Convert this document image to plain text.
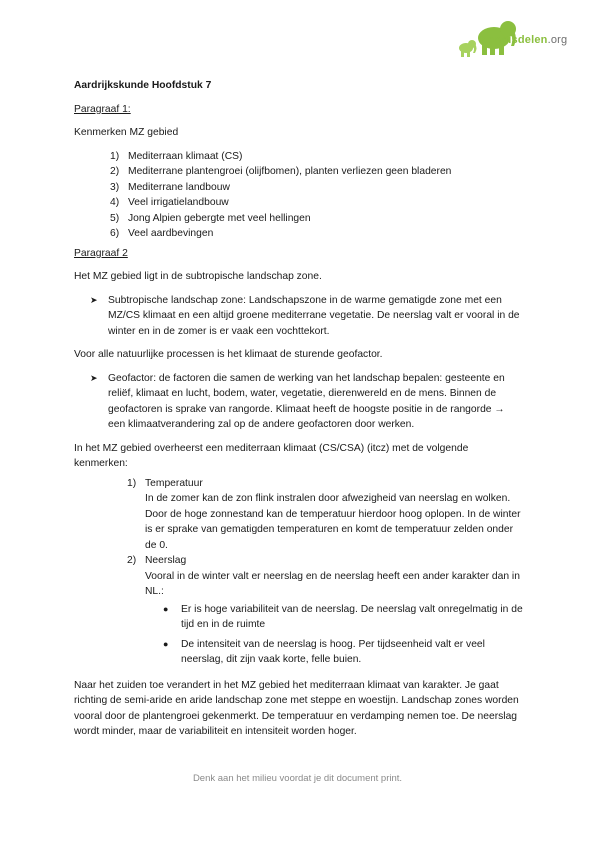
Kennisdelen.org

Aardrijkskunde Hoofdstuk 7

Paragraaf 1:

Kenmerken MZ gebied

1) Mediterraan klimaat (CS)
2) Mediterrane plantengroei (olijfbomen), planten verliezen geen bladeren
3) Mediterrane landbouw
4) Veel irrigatielandbouw
5) Jong Alpien gebergte met veel hellingen
6) Veel aardbevingen

Paragraaf 2

Het MZ gebied ligt in de subtropische landschap zone.

➤	Subtropische landschap zone: Landschapszone in de warme gematigde zone met een MZ/CS klimaat en een altijd groene mediterrane vegetatie. De neerslag valt er vooral in de winter en in de zomer is er vaak een vochttekort.

Voor alle natuurlijke processen is het klimaat de sturende geofactor.

➤	Geofactor: de factoren die samen de werking van het landschap bepalen: gesteente en reliëf, klimaat en lucht, bodem, water, vegetatie, dierenwereld en de mens. Binnen de geofactoren is sprake van rangorde. Klimaat heeft de hoogste positie in de rangorde → een klimaatverandering zal op de andere geofactoren door werken.

In het MZ gebied overheerst een mediterraan klimaat (CS/CSA) (itcz) met de volgende kenmerken:

1) Temperatuur
In de zomer kan de zon flink instralen door afwezigheid van neerslag en wolken. Door de hoge zonnestand kan de temperatuur hierdoor hoog oplopen. In de winter is er sprake van gematigden temperaturen en komt de temperatuur zelden onder de 0.
2) Neerslag
Vooral in de winter valt er neerslag en de neerslag heeft een ander karakter dan in NL.:
●	Er is hoge variabiliteit van de neerslag. De neerslag valt onregelmatig in de tijd en in de ruimte
●	De intensiteit van de neerslag is hoog. Per tijdseenheid valt er veel neerslag, dit zijn vaak korte, felle buien.

Naar het zuiden toe verandert in het MZ gebied het mediterraan klimaat van karakter. Je gaat richting de semi-aride en aride landschap zone met steppe en woestijn. Landschap zones worden vooral door de plantengroei gekenmerkt. De temperatuur en verdamping nemen toe. De neerslag wordt minder, maar de variabiliteit en intensiteit worden hoger.

Denk aan het milieu voordat je dit document print.
